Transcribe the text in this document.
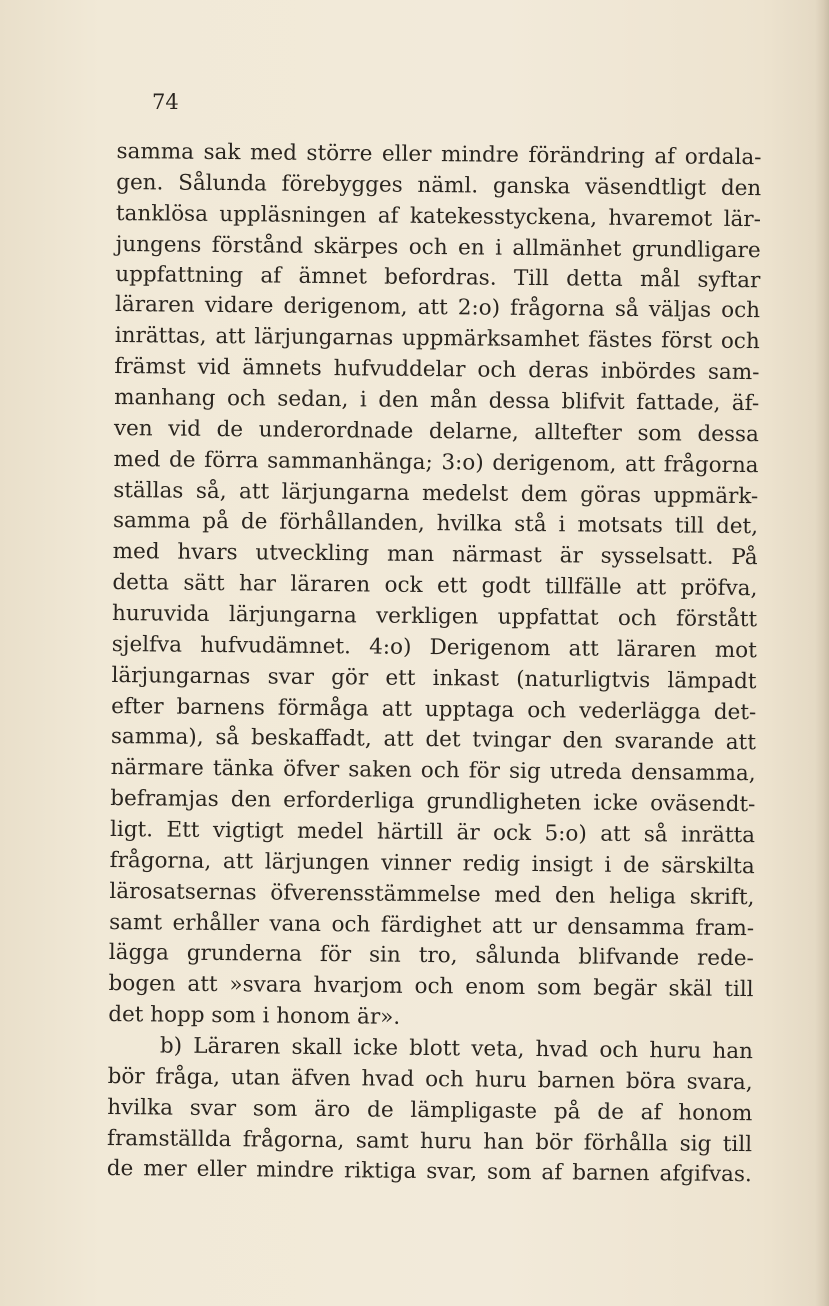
74
samma sak med större eller mindre förändring af ordala-
gen. Sålunda förebygges näml. ganska väsendtligt den
tanklösa uppläsningen af katekesstyckena, hvaremot lär-
jungens förstånd skärpes och en i allmänhet grundligare
uppfattning af ämnet befordras. Till detta mål syftar
läraren vidare derigenom, att 2:o) frågorna så väljas och
inrättas, att lärjungarnas uppmärksamhet fästes först och
främst vid ämnets hufvuddelar och deras inbördes sam-
manhang och sedan, i den mån dessa blifvit fattade, äf-
ven vid de underordnade delarne, alltefter som dessa
med de förra sammanhänga; 3:o) derigenom, att frågorna
ställas så, att lärjungarna medelst dem göras uppmärk-
samma på de förhållanden, hvilka stå i motsats till det,
med hvars utveckling man närmast är sysselsatt. På
detta sätt har läraren ock ett godt tillfälle att pröfva,
huruvida lärjungarna verkligen uppfattat och förstått
sjelfva hufvudämnet. 4:o) Derigenom att läraren mot
lärjungarnas svar gör ett inkast (naturligtvis lämpadt
efter barnens förmåga att upptaga och vederlägga det-
samma), så beskaffadt, att det tvingar den svarande att
närmare tänka öfver saken och för sig utreda densamma,
beframjas den erforderliga grundligheten icke oväsendt-
ligt. Ett vigtigt medel härtill är ock 5:o) att så inrätta
frågorna, att lärjungen vinner redig insigt i de särskilta
lärosatsernas öfverensstämmelse med den heliga skrift,
samt erhåller vana och färdighet att ur densamma fram-
lägga grunderna för sin tro, sålunda blifvande rede-
bogen att »svara hvarjom och enom som begär skäl till
det hopp som i honom är».
b) Läraren skall icke blott veta, hvad och huru han
bör fråga, utan äfven hvad och huru barnen böra svara,
hvilka svar som äro de lämpligaste på de af honom
framställda frågorna, samt huru han bör förhålla sig till
de mer eller mindre riktiga svar, som af barnen afgifvas.
